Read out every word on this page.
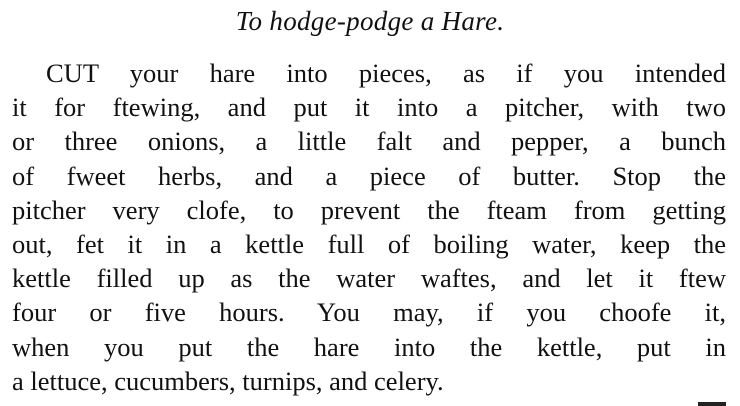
To hodge-podge a Hare.
CUT your hare into pieces, as if you intended
it for ftewing, and put it into a pitcher, with two
or three onions, a little falt and pepper, a bunch
of fweet herbs, and a piece of butter. Stop the
pitcher very clofe, to prevent the fteam from getting
out, fet it in a kettle full of boiling water, keep the
kettle filled up as the water waftes, and let it ftew
four or five hours. You may, if you choofe it,
when you put the hare into the kettle, put in
a lettuce, cucumbers, turnips, and celery.
